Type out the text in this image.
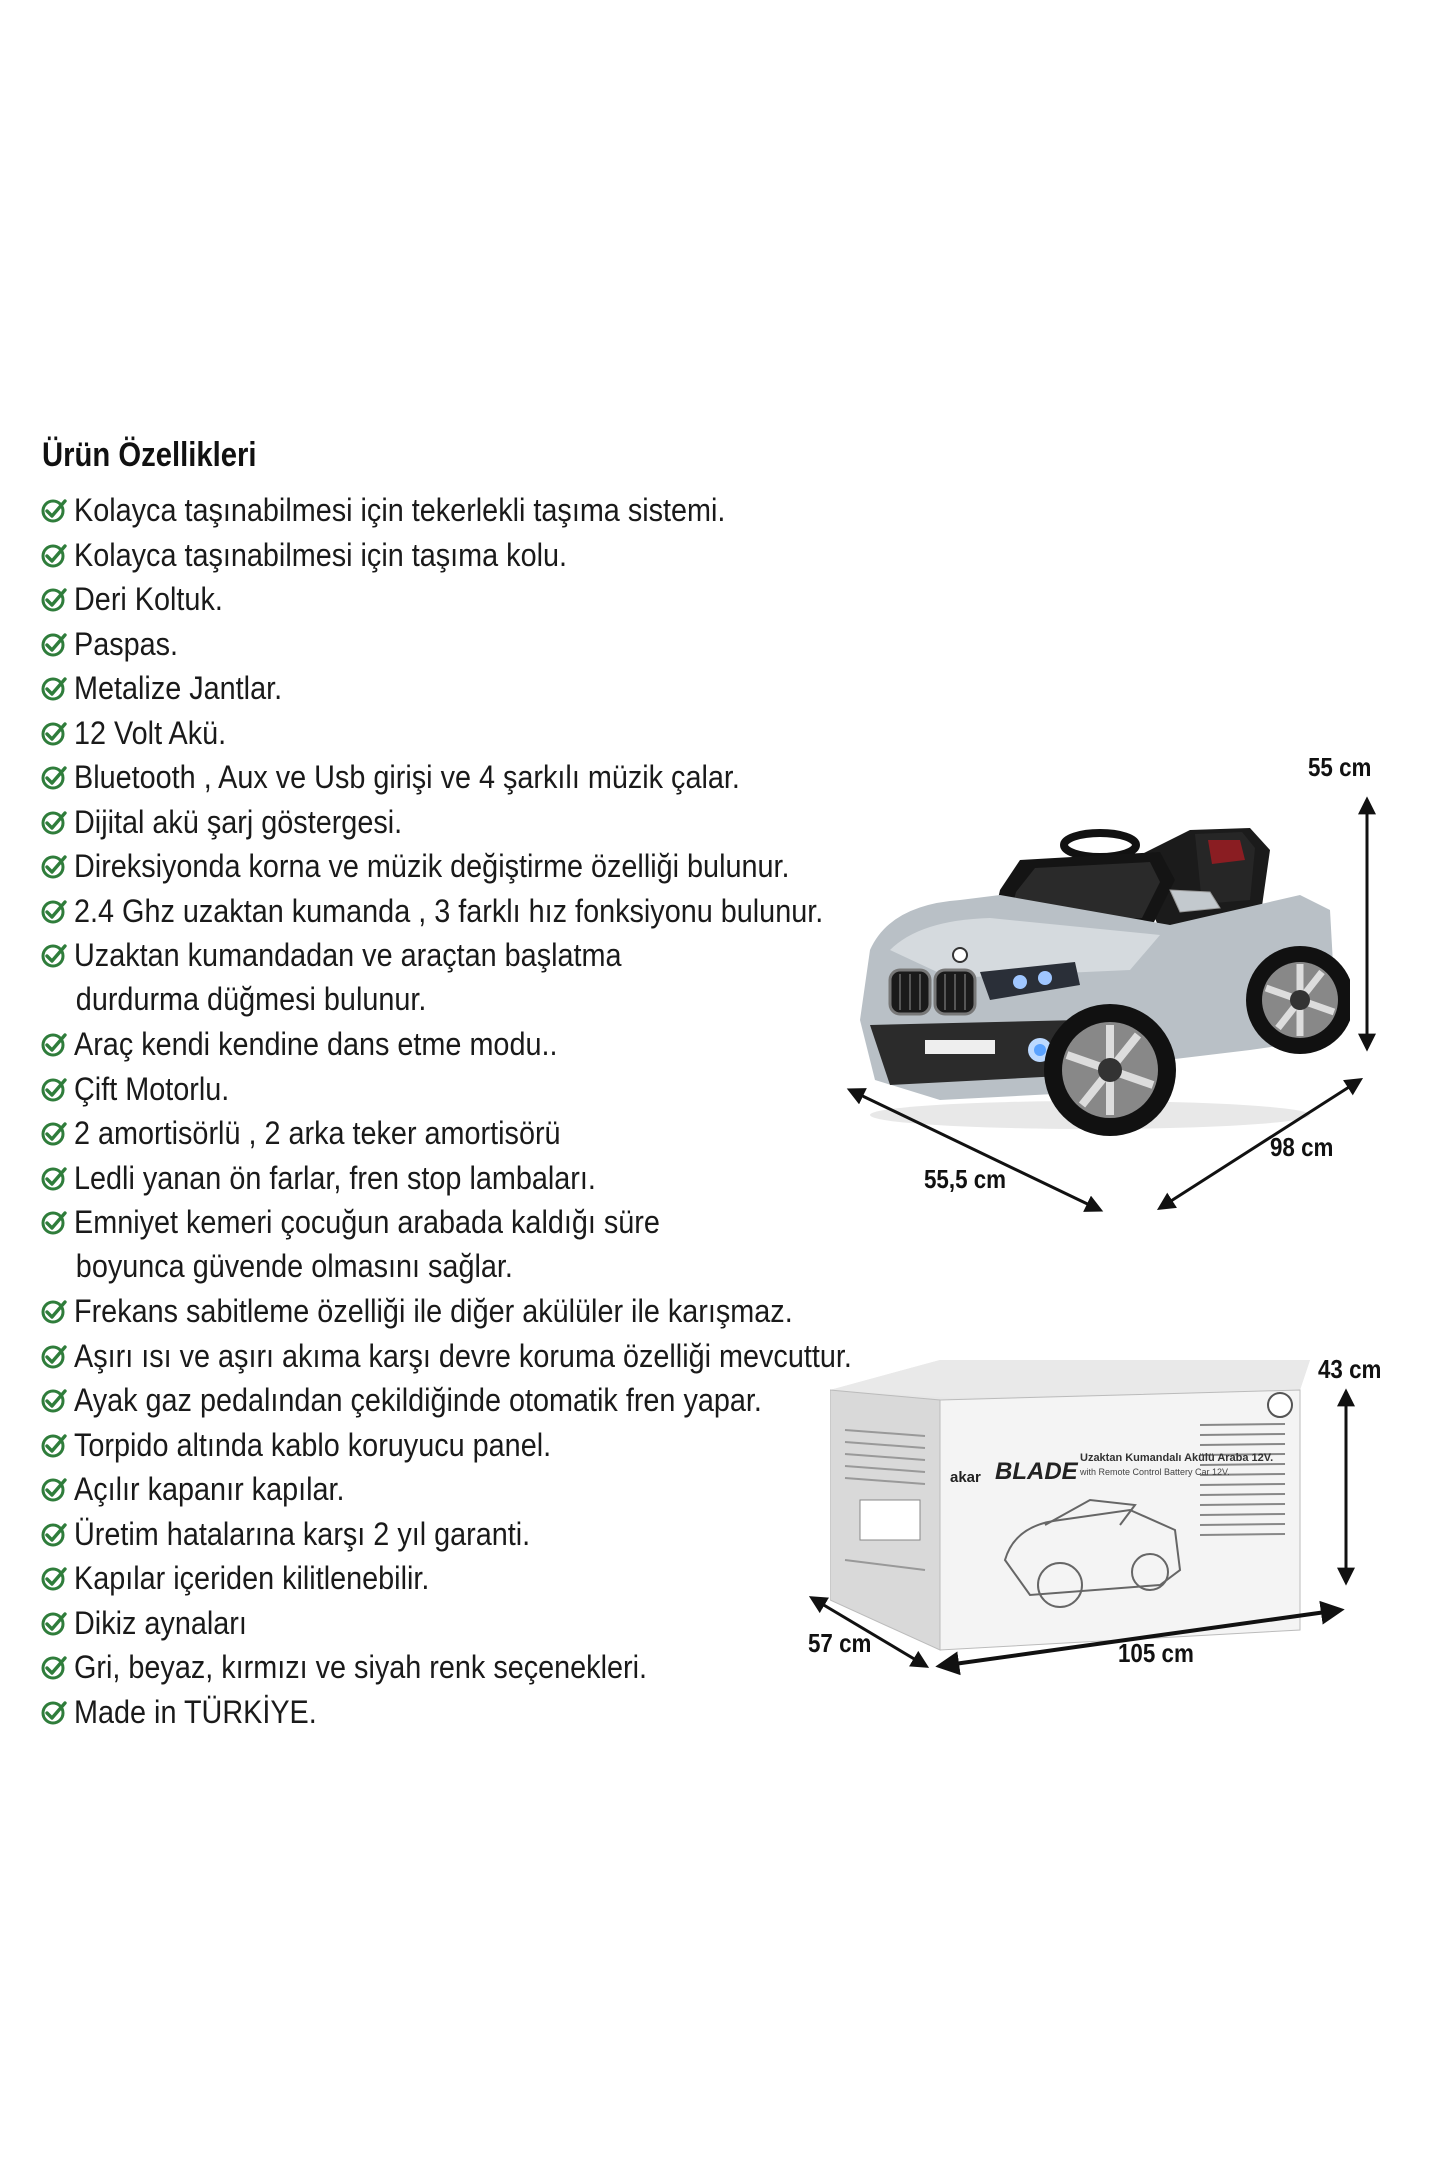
Ürün Özellikleri
Kolayca taşınabilmesi için tekerlekli taşıma sistemi.
Kolayca taşınabilmesi için taşıma kolu.
Deri Koltuk.
Paspas.
Metalize Jantlar.
12 Volt Akü.
Bluetooth , Aux ve Usb girişi ve 4 şarkılı müzik çalar.
Dijital akü şarj göstergesi.
Direksiyonda korna ve müzik değiştirme özelliği bulunur.
2.4 Ghz uzaktan kumanda , 3 farklı hız fonksiyonu bulunur.
Uzaktan kumandadan ve araçtan başlatma
durdurma düğmesi bulunur.
Araç kendi kendine dans etme modu..
Çift Motorlu.
2 amortisörlü , 2 arka teker amortisörü
Ledli yanan ön farlar, fren stop lambaları.
Emniyet kemeri çocuğun arabada kaldığı süre
boyunca güvende olmasını sağlar.
Frekans sabitleme özelliği ile diğer akülüler ile karışmaz.
Aşırı ısı ve aşırı akıma karşı devre koruma özelliği mevcuttur.
Ayak gaz pedalından çekildiğinde otomatik fren yapar.
Torpido altında kablo koruyucu panel.
Açılır kapanır kapılar.
Üretim hatalarına karşı 2 yıl garanti.
Kapılar içeriden kilitlenebilir.
Dikiz aynaları
Gri, beyaz, kırmızı ve siyah renk seçenekleri.
Made in TÜRKİYE.
55 cm
55,5 cm
98 cm
BLADE
akar
Uzaktan Kumandalı Akülü Araba 12V.
with Remote Control Battery Car 12V.
43 cm
57 cm	105 cm
